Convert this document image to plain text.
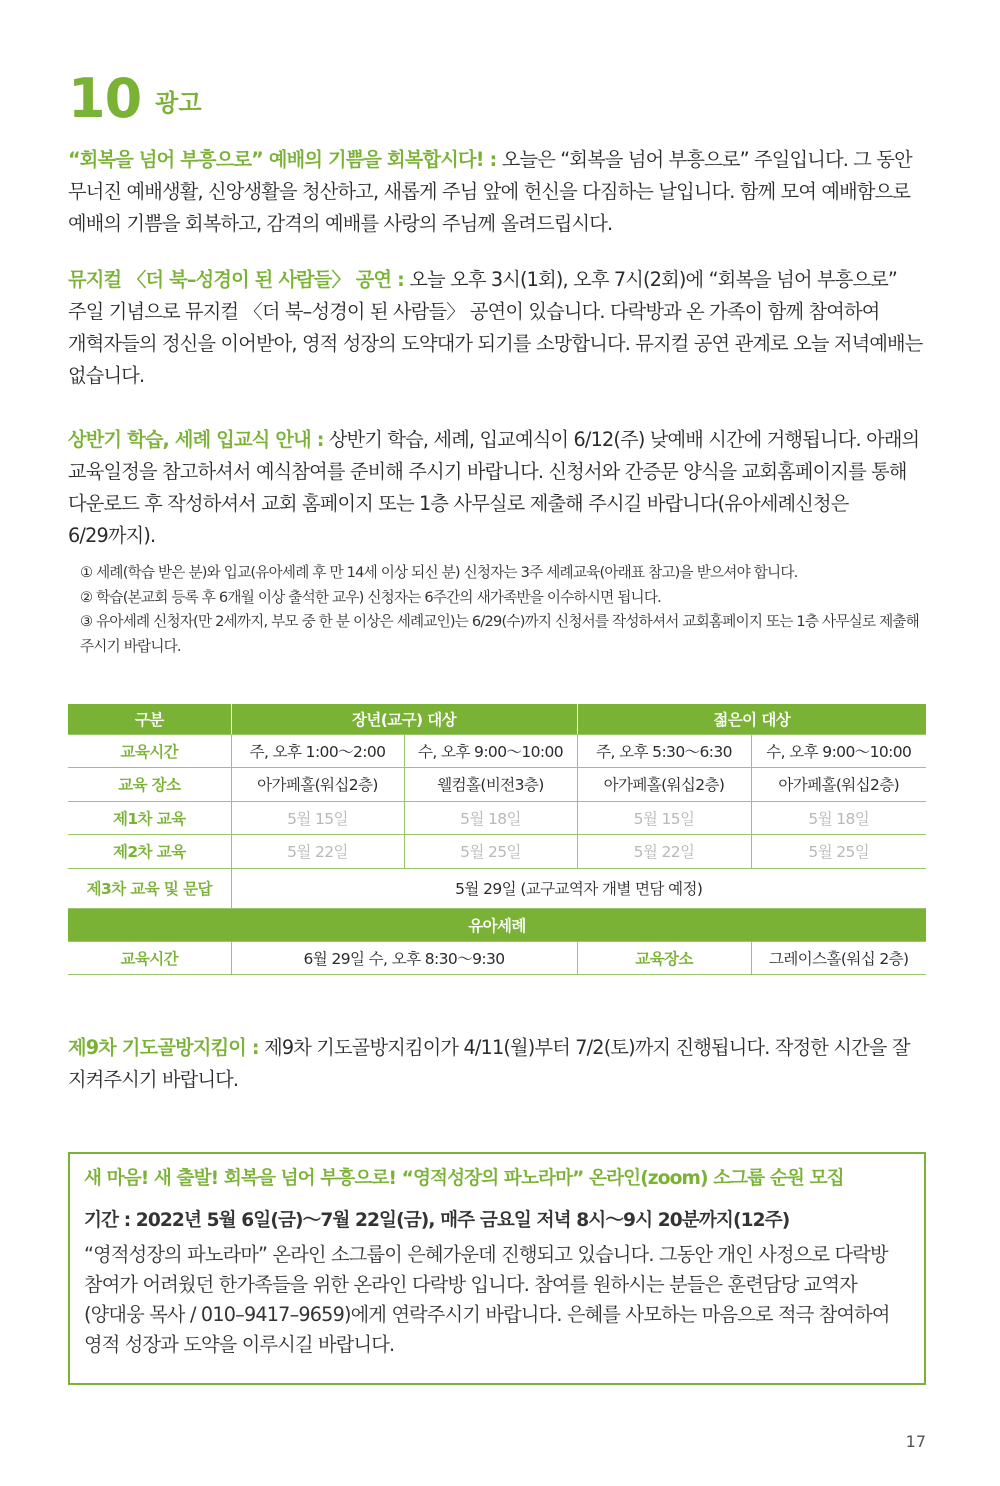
10 광고

“회복을 넘어 부흥으로” 예배의 기쁨을 회복합시다! : 오늘은 “회복을 넘어 부흥으로” 주일입니다. 그 동안 무너진 예배생활, 신앙생활을 청산하고, 새롭게 주님 앞에 헌신을 다짐하는 날입니다. 함께 모여 예배함으로 예배의 기쁨을 회복하고, 감격의 예배를 사랑의 주님께 올려드립시다.

뮤지컬 〈더 북–성경이 된 사람들〉 공연 : 오늘 오후 3시(1회), 오후 7시(2회)에 “회복을 넘어 부흥으로” 주일 기념으로 뮤지컬 〈더 북–성경이 된 사람들〉 공연이 있습니다. 다락방과 온 가족이 함께 참여하여 개혁자들의 정신을 이어받아, 영적 성장의 도약대가 되기를 소망합니다. 뮤지컬 공연 관계로 오늘 저녁예배는 없습니다.

상반기 학습, 세례 입교식 안내 : 상반기 학습, 세례, 입교예식이 6/12(주) 낮예배 시간에 거행됩니다. 아래의 교육일정을 참고하셔서 예식참여를 준비해 주시기 바랍니다. 신청서와 간증문 양식을 교회홈페이지를 통해 다운로드 후 작성하셔서 교회 홈페이지 또는 1층 사무실로 제출해 주시길 바랍니다(유아세례신청은 6/29까지).

① 세례(학습 받은 분)와 입교(유아세례 후 만 14세 이상 되신 분) 신청자는 3주 세례교육(아래표 참고)을 받으셔야 합니다.
② 학습(본교회 등록 후 6개월 이상 출석한 교우) 신청자는 6주간의 새가족반을 이수하시면 됩니다.
③ 유아세례 신청자(만 2세까지, 부모 중 한 분 이상은 세례교인)는 6/29(수)까지 신청서를 작성하셔서 교회홈페이지 또는 1층 사무실로 제출해 주시기 바랍니다.
구분	장년(교구) 대상		젊은이 대상	
교육시간	주, 오후 1:00～2:00	수, 오후 9:00～10:00	주, 오후 5:30～6:30	수, 오후 9:00～10:00
교육 장소	아가페홀(워십2층)	웰컴홀(비전3층)	아가페홀(워십2층)	아가페홀(워십2층)
제1차 교육	5월 15일	5월 18일	5월 15일	5월 18일
제2차 교육	5월 22일	5월 25일	5월 22일	5월 25일
제3차 교육 및 문답	5월 29일 (교구교역자 개별 면담 예정)			
유아세례				
교육시간	6월 29일 수, 오후 8:30～9:30		교육장소	그레이스홀(워십 2층)

제9차 기도골방지킴이 : 제9차 기도골방지킴이가 4/11(월)부터 7/2(토)까지 진행됩니다. 작정한 시간을 잘 지켜주시기 바랍니다.

새 마음! 새 출발! 회복을 넘어 부흥으로! “영적성장의 파노라마” 온라인(zoom) 소그룹 순원 모집
기간 : 2022년 5월 6일(금)～7월 22일(금), 매주 금요일 저녁 8시～9시 20분까지(12주)
“영적성장의 파노라마” 온라인 소그룹이 은혜가운데 진행되고 있습니다. 그동안 개인 사정으로 다락방 참여가 어려웠던 한가족들을 위한 온라인 다락방 입니다. 참여를 원하시는 분들은 훈련담당 교역자(양대웅 목사 / 010–9417–9659)에게 연락주시기 바랍니다. 은혜를 사모하는 마음으로 적극 참여하여 영적 성장과 도약을 이루시길 바랍니다.
17
